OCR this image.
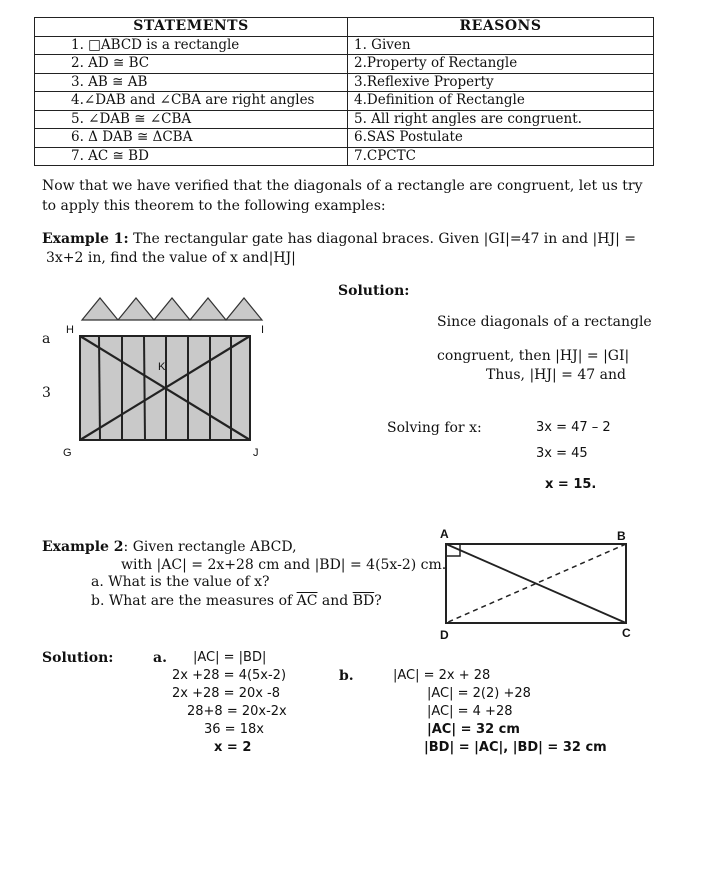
STATEMENTS	REASONS
1. □ABCD is a rectangle	1. Given
2. AD ≅ BC	2.Property of Rectangle
3. AB ≅ AB	3.Reflexive Property
4.∠DAB and ∠CBA are right angles	4.Definition of Rectangle
5. ∠DAB ≅ ∠CBA	5. All right angles are congruent.
6. Δ DAB ≅ ΔCBA	6.SAS Postulate
7. AC ≅ BD	7.CPCTC
Now that we have verified that the diagonals of a rectangle are congruent, let us try
to apply this theorem to the following examples:
Example 1: The rectangular gate has diagonal braces. Given |GI|=47 in and |HJ| =
3x+2 in, find the value of x and|HJ|
H	I
K
G	J
a
3
Solution:
Since diagonals of a rectangle
congruent, then |HJ| = |GI|
Thus, |HJ| = 47 and
Solving for x:	3x = 47 – 2
3x = 45
x = 15.
Example 2: Given rectangle ABCD,
with |AC| = 2x+28 cm and |BD| = 4(5x-2) cm.
a. What is the value of x?
b. What are the measures of $\overline{AC}$ and $\overline{BD}$?
A	B
C
D
Solution:	a. |AC| = |BD|
2x +28 = 4(5x-2)
2x +28 = 20x -8
28+8 = 20x-2x
36 = 18x
x = 2
b.	|AC| = 2x + 28
|AC| = 2(2) +28
|AC| = 4 +28
|AC| = 32 cm
|BD| = |AC|, |BD| = 32 cm
